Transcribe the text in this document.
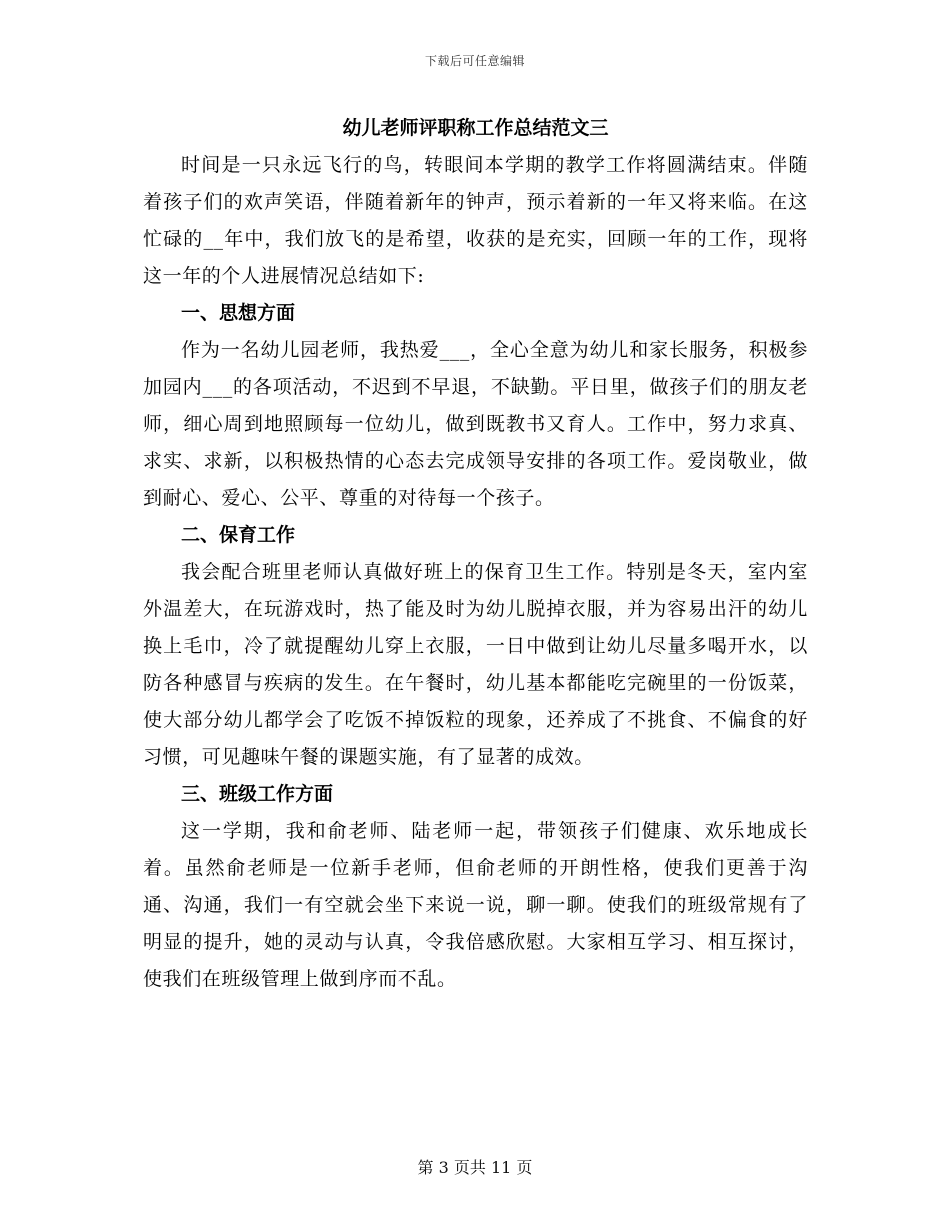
下载后可任意编辑
幼儿老师评职称工作总结范文三

时间是一只永远飞行的鸟，转眼间本学期的教学工作将圆满结束。伴随着孩子们的欢声笑语，伴随着新年的钟声，预示着新的一年又将来临。在这忙碌的__年中，我们放飞的是希望，收获的是充实，回顾一年的工作，现将这一年的个人进展情况总结如下:

一、思想方面

作为一名幼儿园老师，我热爱___，全心全意为幼儿和家长服务，积极参加园内___的各项活动，不迟到不早退，不缺勤。平日里，做孩子们的朋友老师，细心周到地照顾每一位幼儿，做到既教书又育人。工作中，努力求真、求实、求新，以积极热情的心态去完成领导安排的各项工作。爱岗敬业，做到耐心、爱心、公平、尊重的对待每一个孩子。

二、保育工作

我会配合班里老师认真做好班上的保育卫生工作。特别是冬天，室内室外温差大，在玩游戏时，热了能及时为幼儿脱掉衣服，并为容易出汗的幼儿换上毛巾，冷了就提醒幼儿穿上衣服，一日中做到让幼儿尽量多喝开水，以防各种感冒与疾病的发生。在午餐时，幼儿基本都能吃完碗里的一份饭菜，使大部分幼儿都学会了吃饭不掉饭粒的现象，还养成了不挑食、不偏食的好习惯，可见趣味午餐的课题实施，有了显著的成效。

三、班级工作方面

这一学期，我和俞老师、陆老师一起，带领孩子们健康、欢乐地成长着。虽然俞老师是一位新手老师，但俞老师的开朗性格，使我们更善于沟通、沟通，我们一有空就会坐下来说一说，聊一聊。使我们的班级常规有了明显的提升，她的灵动与认真，令我倍感欣慰。大家相互学习、相互探讨，使我们在班级管理上做到序而不乱。

第 3 页共 11 页
